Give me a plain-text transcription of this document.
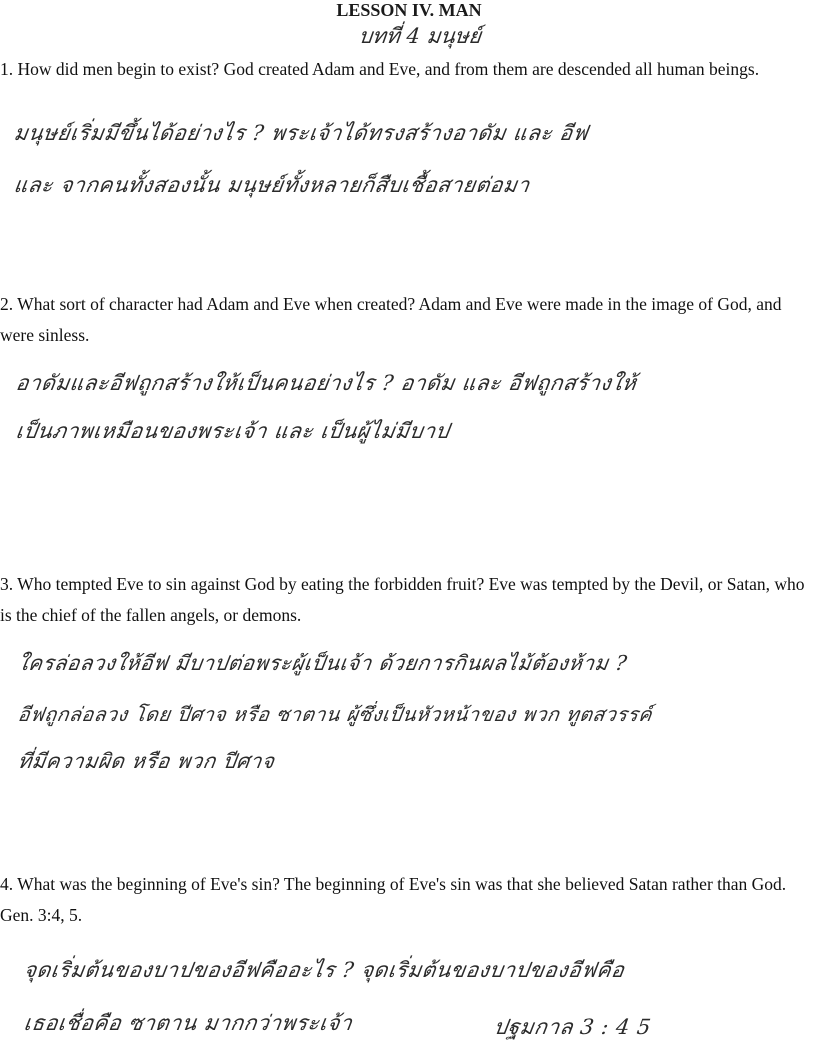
LESSON IV. MAN
บทที่ 4 มนุษย์
1. How did men begin to exist? God created Adam and Eve, and from them are descended all human beings.
มนุษย์เริ่มมีขึ้นได้อย่างไร ? พระเจ้าได้ทรงสร้างอาดัม และ อีฟ
และ จากคนทั้งสองนั้น มนุษย์ทั้งหลายก็สืบเชื้อสายต่อมา
2. What sort of character had Adam and Eve when created? Adam and Eve were made in the image of God, and were sinless.
อาดัมและอีฟถูกสร้างให้เป็นคนอย่างไร ? อาดัม และ อีฟถูกสร้างให้
เป็นภาพเหมือนของพระเจ้า และ เป็นผู้ไม่มีบาป
3. Who tempted Eve to sin against God by eating the forbidden fruit? Eve was tempted by the Devil, or Satan, who is the chief of the fallen angels, or demons.
ใครล่อลวงให้อีฟ มีบาปต่อพระผู้เป็นเจ้า ด้วยการกินผลไม้ต้องห้าม ?
อีฟถูกล่อลวง โดย ปีศาจ หรือ ซาตาน ผู้ซึ่งเป็นหัวหน้าของ พวก ทูตสวรรค์
ที่มีความผิด หรือ พวก ปีศาจ
4. What was the beginning of Eve's sin? The beginning of Eve's sin was that she believed Satan rather than God. Gen. 3:4, 5.
จุดเริ่มต้นของบาปของอีฟคืออะไร ? จุดเริ่มต้นของบาปของอีฟคือ
เธอเชื่อคือ ซาตาน มากกว่าพระเจ้า	ปฐมกาล 3 : 4 5
